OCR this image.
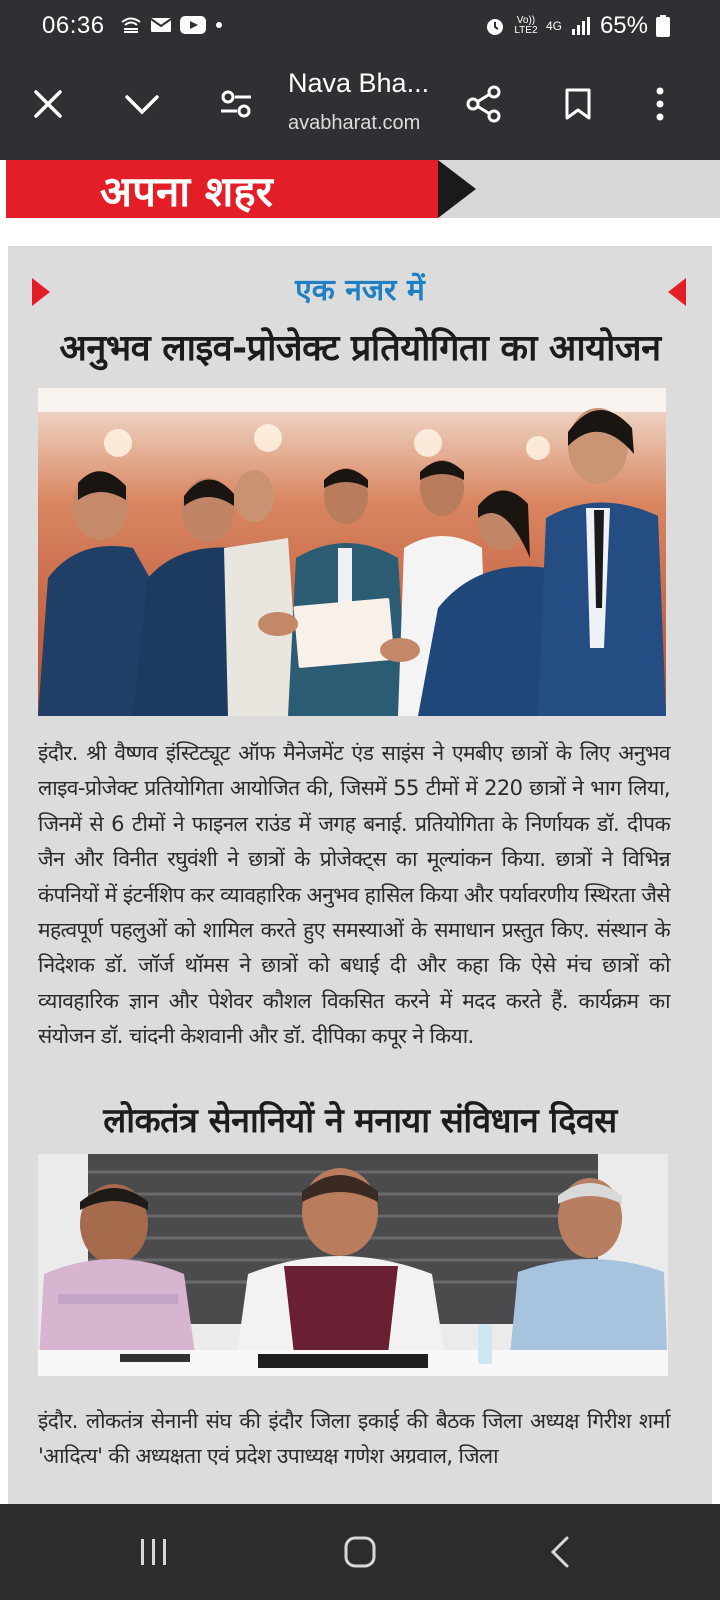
06:36	Vo)) LTE2 4G 65%
Nava Bha...
avabharat.com
अपना शहर
एक नजर में
अनुभव लाइव-प्रोजेक्ट प्रतियोगिता का आयोजन
इंदौर. श्री वैष्णव इंस्टिट्यूट ऑफ मैनेजमेंट एंड साइंस ने एमबीए छात्रों के लिए अनुभव लाइव-प्रोजेक्ट प्रतियोगिता आयोजित की, जिसमें 55 टीमों में 220 छात्रों ने भाग लिया, जिनमें से 6 टीमों ने फाइनल राउंड में जगह बनाई. प्रतियोगिता के निर्णायक डॉ. दीपक जैन और विनीत रघुवंशी ने छात्रों के प्रोजेक्ट्स का मूल्यांकन किया. छात्रों ने विभिन्न कंपनियों में इंटर्नशिप कर व्यावहारिक अनुभव हासिल किया और पर्यावरणीय स्थिरता जैसे महत्वपूर्ण पहलुओं को शामिल करते हुए समस्याओं के समाधान प्रस्तुत किए. संस्थान के निदेशक डॉ. जॉर्ज थॉमस ने छात्रों को बधाई दी और कहा कि ऐसे मंच छात्रों को व्यावहारिक ज्ञान और पेशेवर कौशल विकसित करने में मदद करते हैं. कार्यक्रम का संयोजन डॉ. चांदनी केशवानी और डॉ. दीपिका कपूर ने किया.
लोकतंत्र सेनानियों ने मनाया संविधान दिवस
इंदौर. लोकतंत्र सेनानी संघ की इंदौर जिला इकाई की बैठक जिला अध्यक्ष गिरीश शर्मा 'आदित्य' की अध्यक्षता एवं प्रदेश उपाध्यक्ष गणेश अग्रवाल, जिला
